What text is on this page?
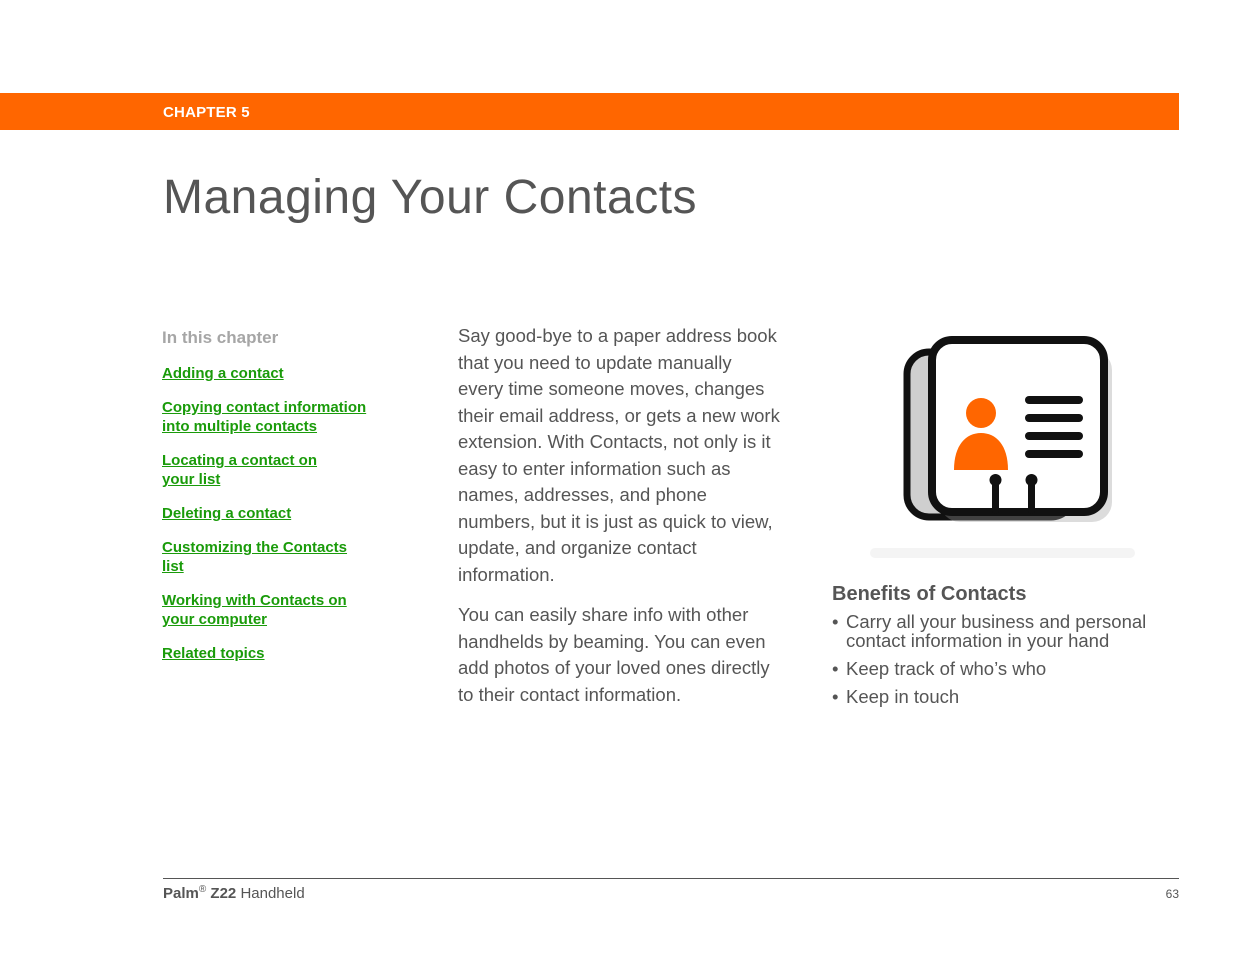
CHAPTER 5
Managing Your Contacts
In this chapter
Adding a contact
Copying contact information
into multiple contacts
Locating a contact on
your list
Deleting a contact
Customizing the Contacts
list
Working with Contacts on
your computer
Related topics

Say good-bye to a paper address book
that you need to update manually
every time someone moves, changes
their email address, or gets a new work
extension. With Contacts, not only is it
easy to enter information such as
names, addresses, and phone
numbers, but it is just as quick to view,
update, and organize contact
information.

You can easily share info with other
handhelds by beaming. You can even
add photos of your loved ones directly
to their contact information.

Benefits of Contacts
• Carry all your business and personal
contact information in your hand
• Keep track of who’s who
• Keep in touch
Palm® Z22 Handheld	63
